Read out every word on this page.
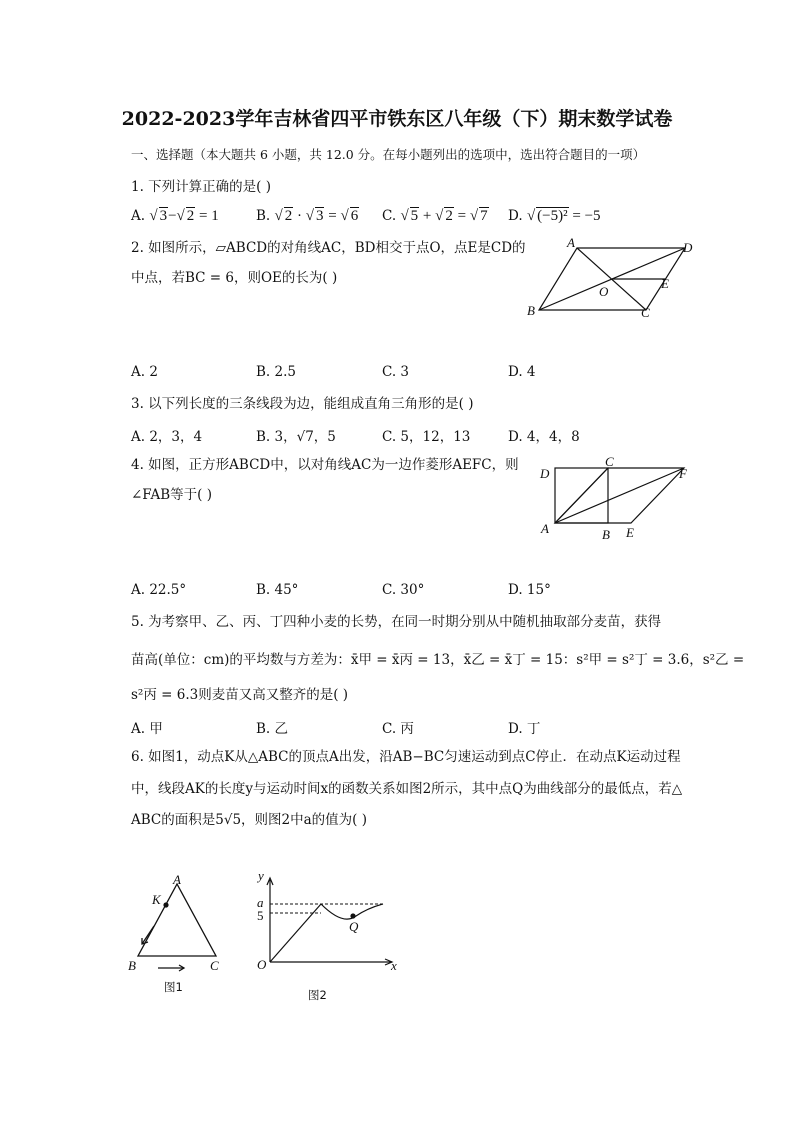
2022-2023学年吉林省四平市铁东区八年级（下）期末数学试卷
一、选择题（本大题共 6 小题，共 12.0 分。在每小题列出的选项中，选出符合题目的一项）
1. 下列计算正确的是( )
A. √ 3−√ 2 = 1	B. √ 2 · √ 3 = √ 6 C. √ 5 + √ 2 = √ 7 D. √ (−5)² = −5
2. 如图所示，▱ABCD的对角线AC，BD相交于点O，点E是CD的
中点，若BC = 6，则OE的长为( )
A	D
O
E
B	C
A. 2	B. 2.5	C. 3	D. 4
3. 以下列长度的三条线段为边，能组成直角三角形的是( )
A. 2，3，4	B. 3，√7，5	C. 5，12，13	D. 4，4，8
4. 如图，正方形ABCD中，以对角线AC为一边作菱形AEFC，则
∠FAB等于( )
D
C
F
A	B E
A. 22.5°	B. 45°	C. 30°	D. 15°
5. 为考察甲、乙、丙、丁四种小麦的长势，在同一时期分别从中随机抽取部分麦苗，获得
苗高(单位：cm)的平均数与方差为：x̄甲 = x̄丙 = 13，x̄乙 = x̄丁 = 15：s²甲 = s²丁 = 3.6，s²乙 =
s²丙 = 6.3则麦苗又高又整齐的是( )
A. 甲	B. 乙	C. 丙	D. 丁
6. 如图1，动点K从△ABC的顶点A出发，沿AB−BC匀速运动到点C停止．在动点K运动过程
中，线段AK的长度y与运动时间x的函数关系如图2所示，其中点Q为曲线部分的最低点，若△
ABC的面积是5√5，则图2中a的值为( )
A
K
B	C
图1
y
a
5
O
Q
x
图2
